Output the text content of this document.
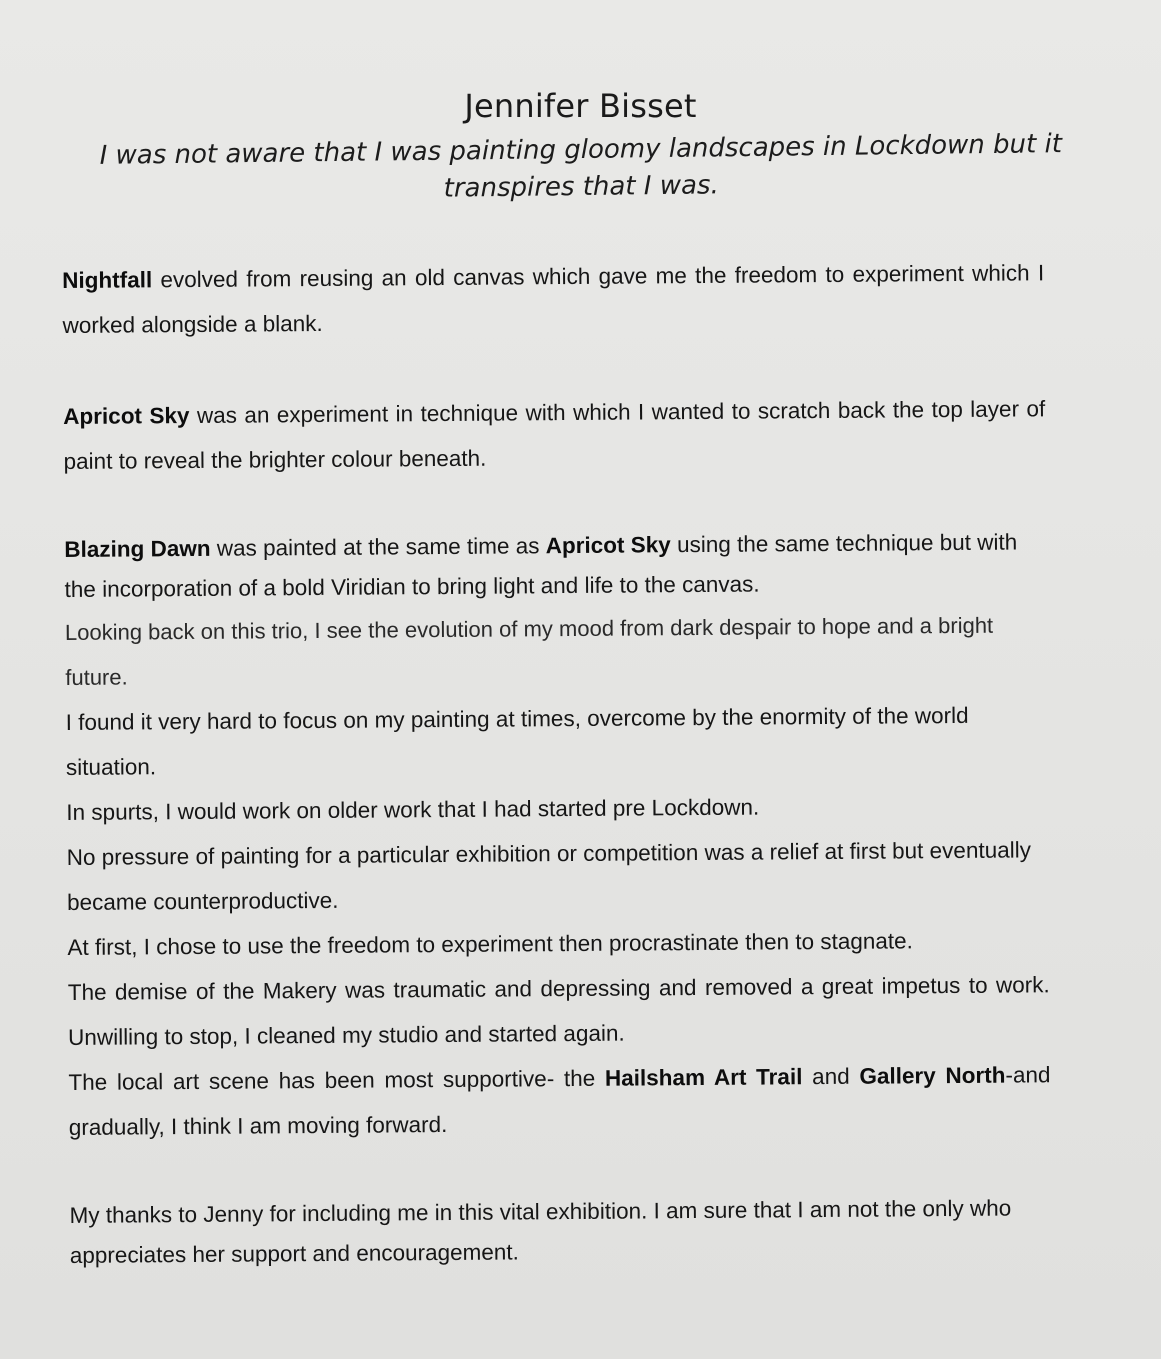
Jennifer Bisset

I was not aware that I was painting gloomy landscapes in Lockdown but it transpires that I was.

Nightfall evolved from reusing an old canvas which gave me the freedom to experiment which I worked alongside a blank.

Apricot Sky was an experiment in technique with which I wanted to scratch back the top layer of paint to reveal the brighter colour beneath.

Blazing Dawn was painted at the same time as Apricot Sky using the same technique but with the incorporation of a bold Viridian to bring light and life to the canvas.

Looking back on this trio, I see the evolution of my mood from dark despair to hope and a bright future.

I found it very hard to focus on my painting at times, overcome by the enormity of the world situation.

In spurts, I would work on older work that I had started pre Lockdown.

No pressure of painting for a particular exhibition or competition was a relief at first but eventually became counterproductive.

At first, I chose to use the freedom to experiment then procrastinate then to stagnate.

The demise of the Makery was traumatic and depressing and removed a great impetus to work. Unwilling to stop, I cleaned my studio and started again.

The local art scene has been most supportive- the Hailsham Art Trail and Gallery North-and gradually, I think I am moving forward.

My thanks to Jenny for including me in this vital exhibition. I am sure that I am not the only who appreciates her support and encouragement.
